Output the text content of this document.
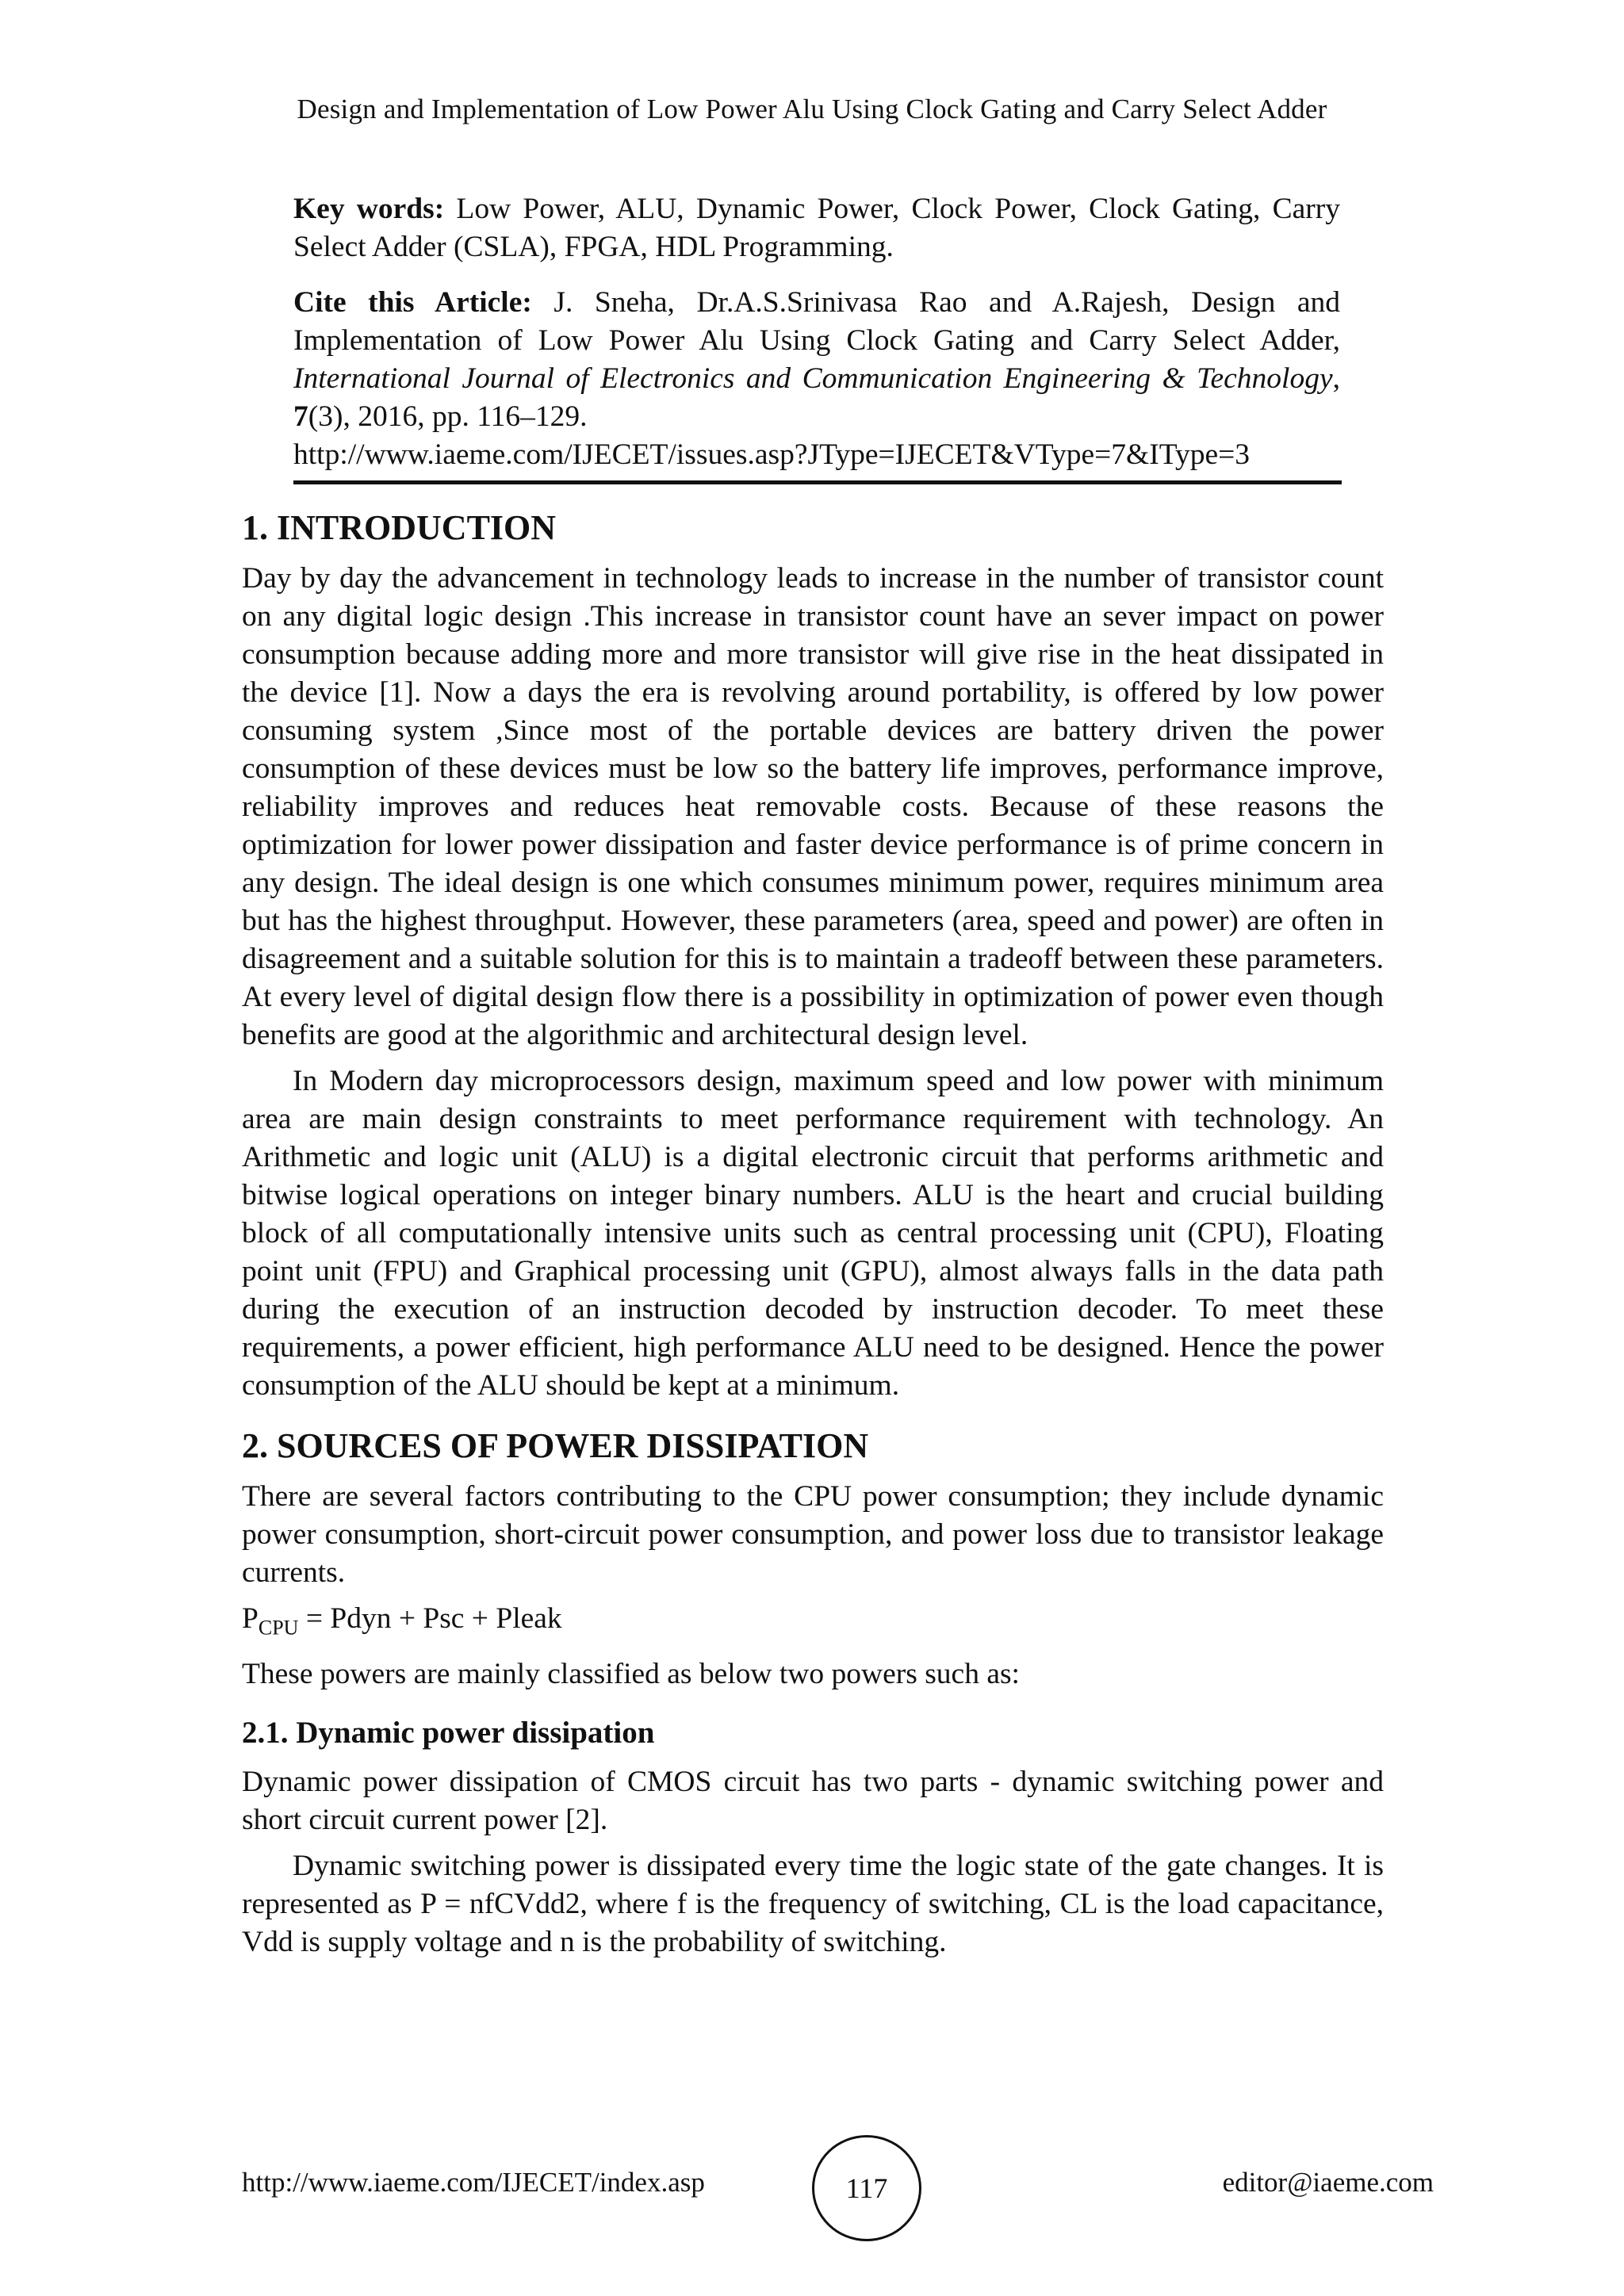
Design and Implementation of Low Power Alu Using Clock Gating and Carry Select Adder

Key words: Low Power, ALU, Dynamic Power, Clock Power, Clock Gating, Carry Select Adder (CSLA), FPGA, HDL Programming.

Cite this Article: J. Sneha, Dr.A.S.Srinivasa Rao and A.Rajesh, Design and Implementation of Low Power Alu Using Clock Gating and Carry Select Adder, International Journal of Electronics and Communication Engineering & Technology, 7(3), 2016, pp. 116–129.
http://www.iaeme.com/IJECET/issues.asp?JType=IJECET&VType=7&IType=3

1. INTRODUCTION

Day by day the advancement in technology leads to increase in the number of transistor count on any digital logic design .This increase in transistor count have an sever impact on power consumption because adding more and more transistor will give rise in the heat dissipated in the device [1]. Now a days the era is revolving around portability, is offered by low power consuming system ,Since most of the portable devices are battery driven the power consumption of these devices must be low so the battery life improves, performance improve, reliability improves and reduces heat removable costs. Because of these reasons the optimization for lower power dissipation and faster device performance is of prime concern in any design. The ideal design is one which consumes minimum power, requires minimum area but has the highest throughput. However, these parameters (area, speed and power) are often in disagreement and a suitable solution for this is to maintain a tradeoff between these parameters. At every level of digital design flow there is a possibility in optimization of power even though benefits are good at the algorithmic and architectural design level.

In Modern day microprocessors design, maximum speed and low power with minimum area are main design constraints to meet performance requirement with technology. An Arithmetic and logic unit (ALU) is a digital electronic circuit that performs arithmetic and bitwise logical operations on integer binary numbers. ALU is the heart and crucial building block of all computationally intensive units such as central processing unit (CPU), Floating point unit (FPU) and Graphical processing unit (GPU), almost always falls in the data path during the execution of an instruction decoded by instruction decoder. To meet these requirements, a power efficient, high performance ALU need to be designed. Hence the power consumption of the ALU should be kept at a minimum.

2. SOURCES OF POWER DISSIPATION

There are several factors contributing to the CPU power consumption; they include dynamic power consumption, short-circuit power consumption, and power loss due to transistor leakage currents.

$P_{CPU}$ = Pdyn + Psc + Pleak

These powers are mainly classified as below two powers such as:

2.1. Dynamic power dissipation

Dynamic power dissipation of CMOS circuit has two parts - dynamic switching power and short circuit current power [2].

Dynamic switching power is dissipated every time the logic state of the gate changes. It is represented as P = nfCVdd2, where f is the frequency of switching, CL is the load capacitance, Vdd is supply voltage and n is the probability of switching.

http://www.iaeme.com/IJECET/index.asp	117	editor@iaeme.com
